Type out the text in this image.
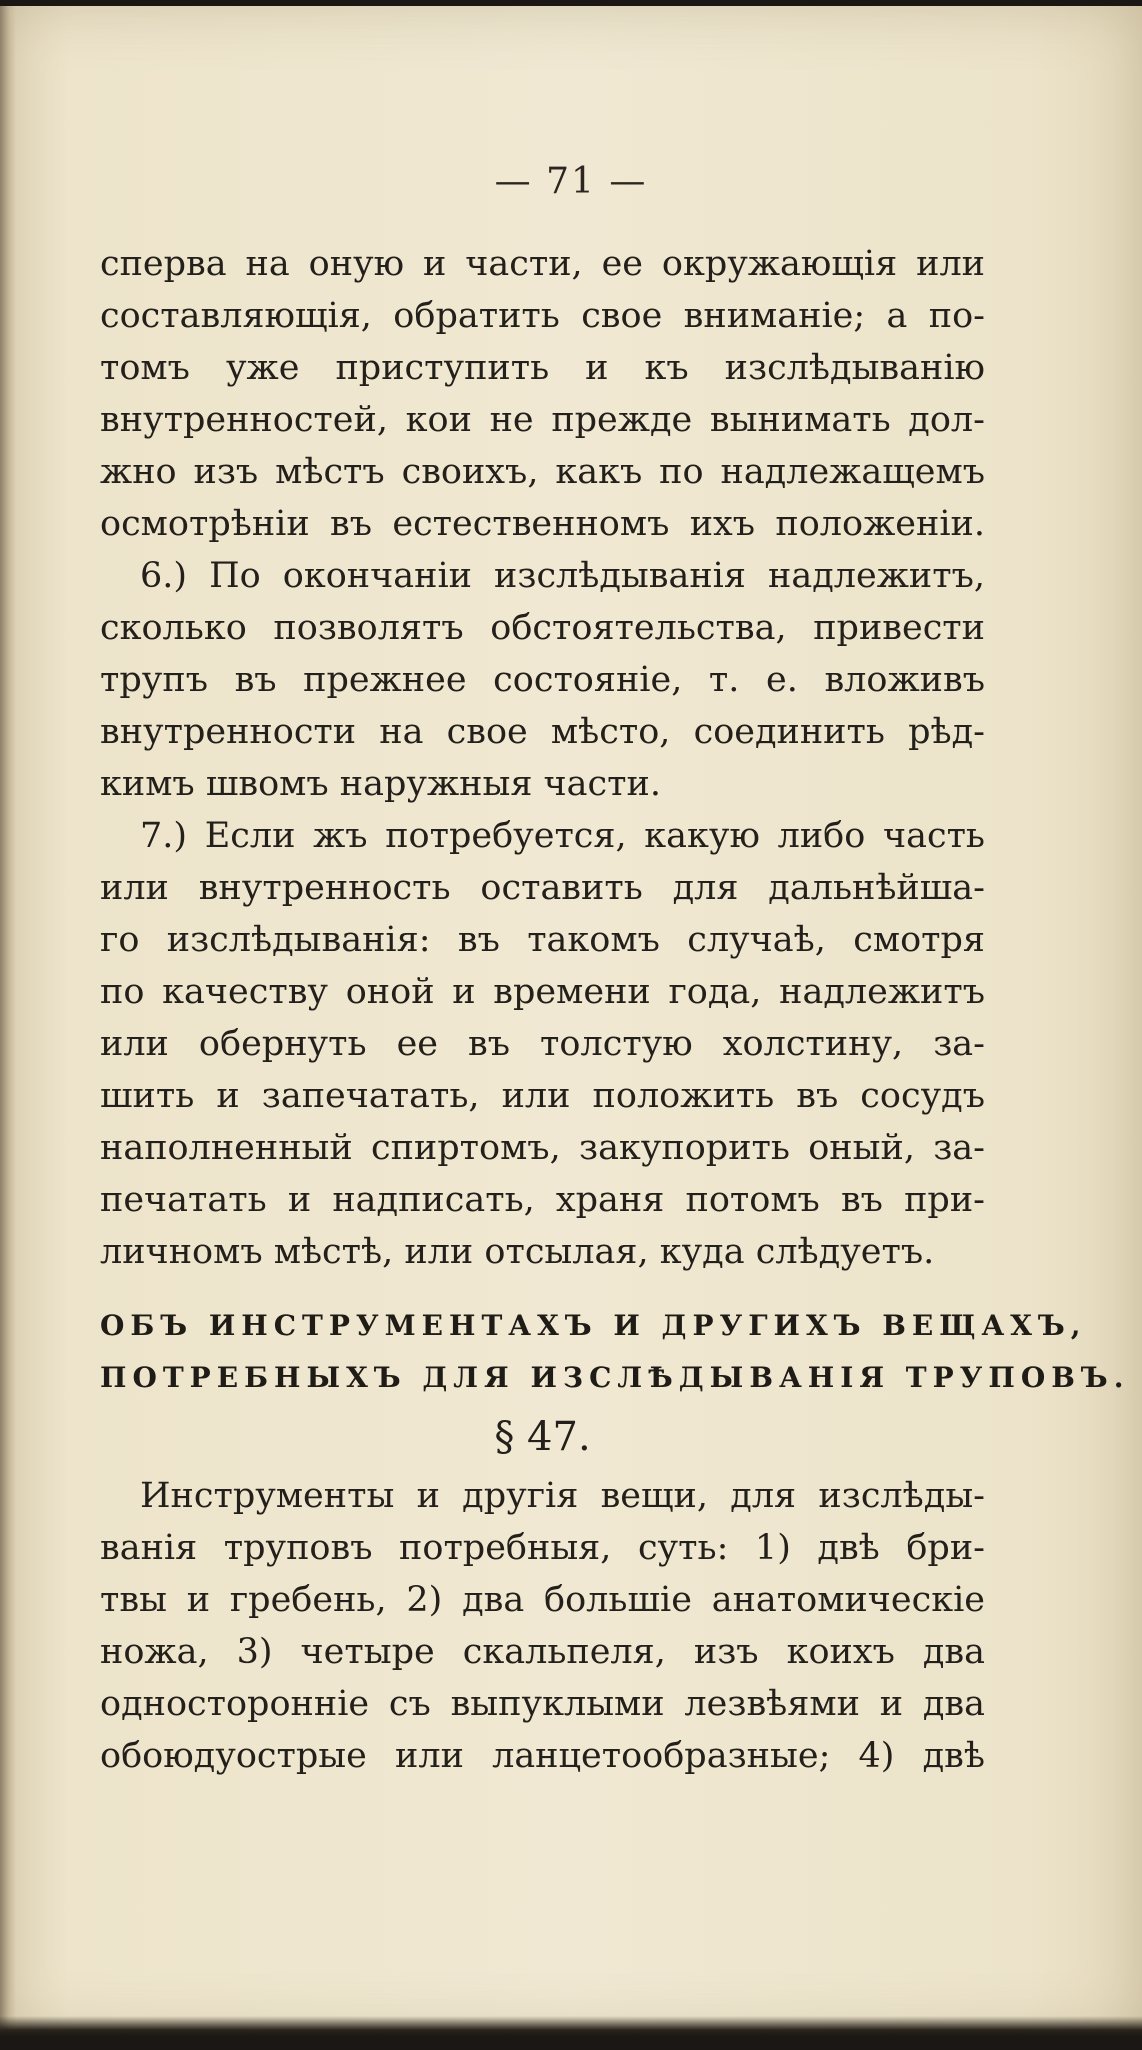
— 71 —
сперва на оную и части, ее окружающія или
составляющія, обратить свое вниманіе; а по-
томъ уже приступить и къ изслѣдыванію
внутренностей, кои не прежде вынимать дол-
жно изъ мѣстъ своихъ, какъ по надлежащемъ
осмотрѣніи въ естественномъ ихъ положеніи.
6.) По окончаніи изслѣдыванія надлежитъ,
сколько позволятъ обстоятельства, привести
трупъ въ прежнее состояніе, т. е. вложивъ
внутренности на свое мѣсто, соединить рѣд-
кимъ швомъ наружныя части.
7.) Если жъ потребуется, какую либо часть
или внутренность оставить для дальнѣйша-
го изслѣдыванія: въ такомъ случаѣ, смотря
по качеству оной и времени года, надлежитъ
или обернуть ее въ толстую холстину, за-
шить и запечатать, или положить въ сосудъ
наполненный спиртомъ, закупорить оный, за-
печатать и надписать, храня потомъ въ при-
личномъ мѣстѣ, или отсылая, куда слѣдуетъ.
ОБЪ ИНСТРУМЕНТАХЪ И ДРУГИХЪ ВЕЩАХЪ,
ПОТРЕБНЫХЪ ДЛЯ ИЗСЛѢДЫВАНІЯ ТРУПОВЪ.
§ 47.
Инструменты и другія вещи, для изслѣды-
ванія труповъ потребныя, суть: 1) двѣ бри-
твы и гребень, 2) два большіе анатомическіе
ножа, 3) четыре скальпеля, изъ коихъ два
односторонніе съ выпуклыми лезвѣями и два
обоюдуострые или ланцетообразные; 4) двѣ
